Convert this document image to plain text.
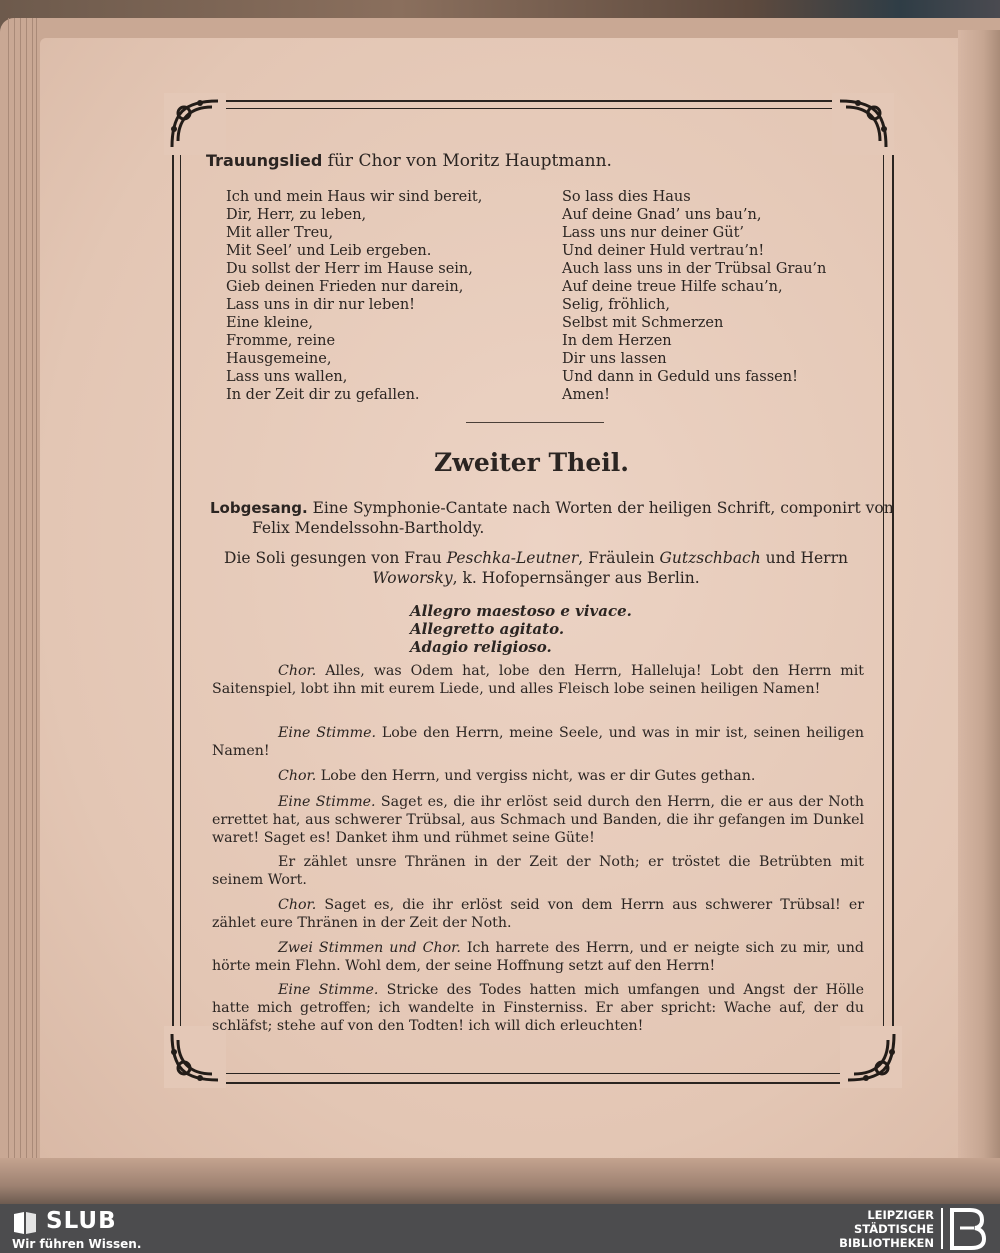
Trauungslied für Chor von Moritz Hauptmann.
Ich und mein Haus wir sind bereit,
Dir, Herr, zu leben,
Mit aller Treu,
Mit Seel’ und Leib ergeben.
Du sollst der Herr im Hause sein,
Gieb deinen Frieden nur darein,
Lass uns in dir nur leben!
Eine kleine,
Fromme, reine
Hausgemeine,
Lass uns wallen,
In der Zeit dir zu gefallen.
So lass dies Haus
Auf deine Gnad’ uns bau’n,
Lass uns nur deiner Güt’
Und deiner Huld vertrau’n!
Auch lass uns in der Trübsal Grau’n
Auf deine treue Hilfe schau’n,
Selig, fröhlich,
Selbst mit Schmerzen
In dem Herzen
Dir uns lassen
Und dann in Geduld uns fassen!
Amen!
Zweiter Theil.
Lobgesang. Eine Symphonie-Cantate nach Worten der heiligen Schrift, componirt von Felix Mendelssohn-Bartholdy.
Die Soli gesungen von Frau Peschka-Leutner, Fräulein Gutzschbach und Herrn Woworsky, k. Hofopernsänger aus Berlin.
Allegro maestoso e vivace.
Allegretto agitato.
Adagio religioso.
Chor. Alles, was Odem hat, lobe den Herrn, Halleluja! Lobt den Herrn mit Saitenspiel, lobt ihn mit eurem Liede, und alles Fleisch lobe seinen heiligen Namen!
Eine Stimme. Lobe den Herrn, meine Seele, und was in mir ist, seinen heiligen Namen!
Chor. Lobe den Herrn, und vergiss nicht, was er dir Gutes gethan.
Eine Stimme. Saget es, die ihr erlöst seid durch den Herrn, die er aus der Noth errettet hat, aus schwerer Trübsal, aus Schmach und Banden, die ihr gefangen im Dunkel waret! Saget es! Danket ihm und rühmet seine Güte!
Er zählet unsre Thränen in der Zeit der Noth; er tröstet die Betrübten mit seinem Wort.
Chor. Saget es, die ihr erlöst seid von dem Herrn aus schwerer Trübsal! er zählet eure Thränen in der Zeit der Noth.
Zwei Stimmen und Chor. Ich harrete des Herrn, und er neigte sich zu mir, und hörte mein Flehn. Wohl dem, der seine Hoffnung setzt auf den Herrn!
Eine Stimme. Stricke des Todes hatten mich umfangen und Angst der Hölle hatte mich getroffen; ich wandelte in Finsterniss. Er aber spricht: Wache auf, der du schläfst; stehe auf von den Todten! ich will dich erleuchten!
SLUB
Wir führen Wissen.
LEIPZIGER
STÄDTISCHE
BIBLIOTHEKEN
